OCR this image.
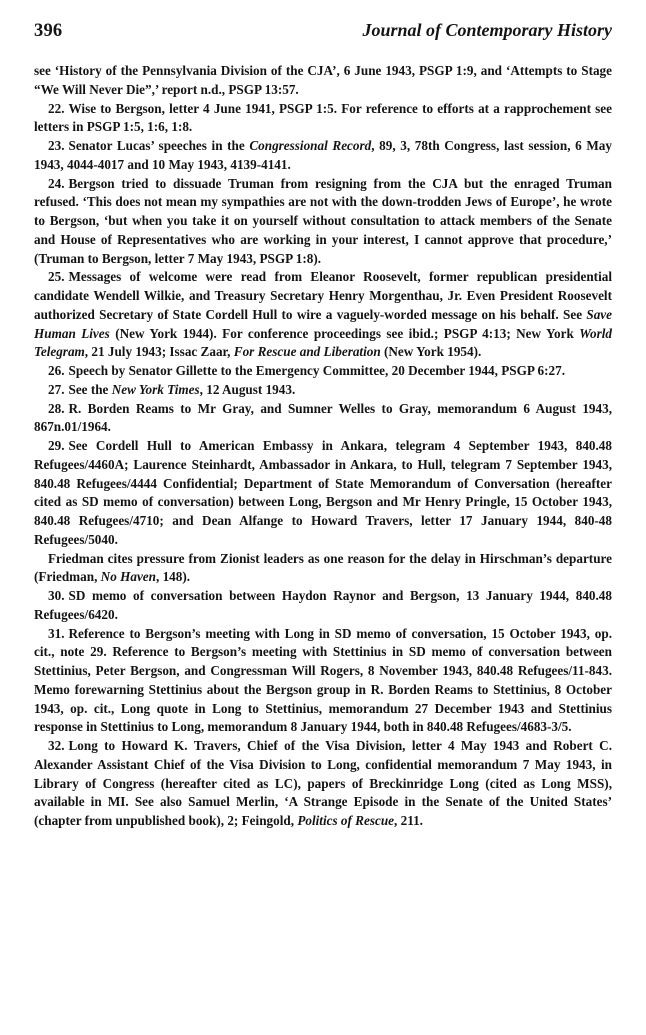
396	Journal of Contemporary History

see ‘History of the Pennsylvania Division of the CJA’, 6 June 1943, PSGP 1:9, and ‘Attempts to Stage “We Will Never Die”,’ report n.d., PSGP 13:57.

22. Wise to Bergson, letter 4 June 1941, PSGP 1:5. For reference to efforts at a rapprochement see letters in PSGP 1:5, 1:6, 1:8.

23. Senator Lucas’ speeches in the Congressional Record, 89, 3, 78th Congress, last session, 6 May 1943, 4044-4017 and 10 May 1943, 4139-4141.

24. Bergson tried to dissuade Truman from resigning from the CJA but the enraged Truman refused. ‘This does not mean my sympathies are not with the down-trodden Jews of Europe’, he wrote to Bergson, ‘but when you take it on yourself without consultation to attack members of the Senate and House of Representatives who are working in your interest, I cannot approve that procedure,’ (Truman to Bergson, letter 7 May 1943, PSGP 1:8).

25. Messages of welcome were read from Eleanor Roosevelt, former republican presidential candidate Wendell Wilkie, and Treasury Secretary Henry Morgenthau, Jr. Even President Roosevelt authorized Secretary of State Cordell Hull to wire a vaguely-worded message on his behalf. See Save Human Lives (New York 1944). For conference proceedings see ibid.; PSGP 4:13; New York World Telegram, 21 July 1943; Issac Zaar, For Rescue and Liberation (New York 1954).

26. Speech by Senator Gillette to the Emergency Committee, 20 December 1944, PSGP 6:27.

27. See the New York Times, 12 August 1943.

28. R. Borden Reams to Mr Gray, and Sumner Welles to Gray, memorandum 6 August 1943, 867n.01/1964.

29. See Cordell Hull to American Embassy in Ankara, telegram 4 September 1943, 840.48 Refugees/4460A; Laurence Steinhardt, Ambassador in Ankara, to Hull, telegram 7 September 1943, 840.48 Refugees/4444 Confidential; Department of State Memorandum of Conversation (hereafter cited as SD memo of conversation) between Long, Bergson and Mr Henry Pringle, 15 October 1943, 840.48 Refugees/4710; and Dean Alfange to Howard Travers, letter 17 January 1944, 840-48 Refugees/5040.

Friedman cites pressure from Zionist leaders as one reason for the delay in Hirschman’s departure (Friedman, No Haven, 148).

30. SD memo of conversation between Haydon Raynor and Bergson, 13 January 1944, 840.48 Refugees/6420.

31. Reference to Bergson’s meeting with Long in SD memo of conversation, 15 October 1943, op. cit., note 29. Reference to Bergson’s meeting with Stettinius in SD memo of conversation between Stettinius, Peter Bergson, and Congressman Will Rogers, 8 November 1943, 840.48 Refugees/11-843. Memo forewarning Stettinius about the Bergson group in R. Borden Reams to Stettinius, 8 October 1943, op. cit., Long quote in Long to Stettinius, memorandum 27 December 1943 and Stettinius response in Stettinius to Long, memorandum 8 January 1944, both in 840.48 Refugees/4683-3/5.

32. Long to Howard K. Travers, Chief of the Visa Division, letter 4 May 1943 and Robert C. Alexander Assistant Chief of the Visa Division to Long, confidential memorandum 7 May 1943, in Library of Congress (hereafter cited as LC), papers of Breckinridge Long (cited as Long MSS), available in MI. See also Samuel Merlin, ‘A Strange Episode in the Senate of the United States’ (chapter from unpublished book), 2; Feingold, Politics of Rescue, 211.
